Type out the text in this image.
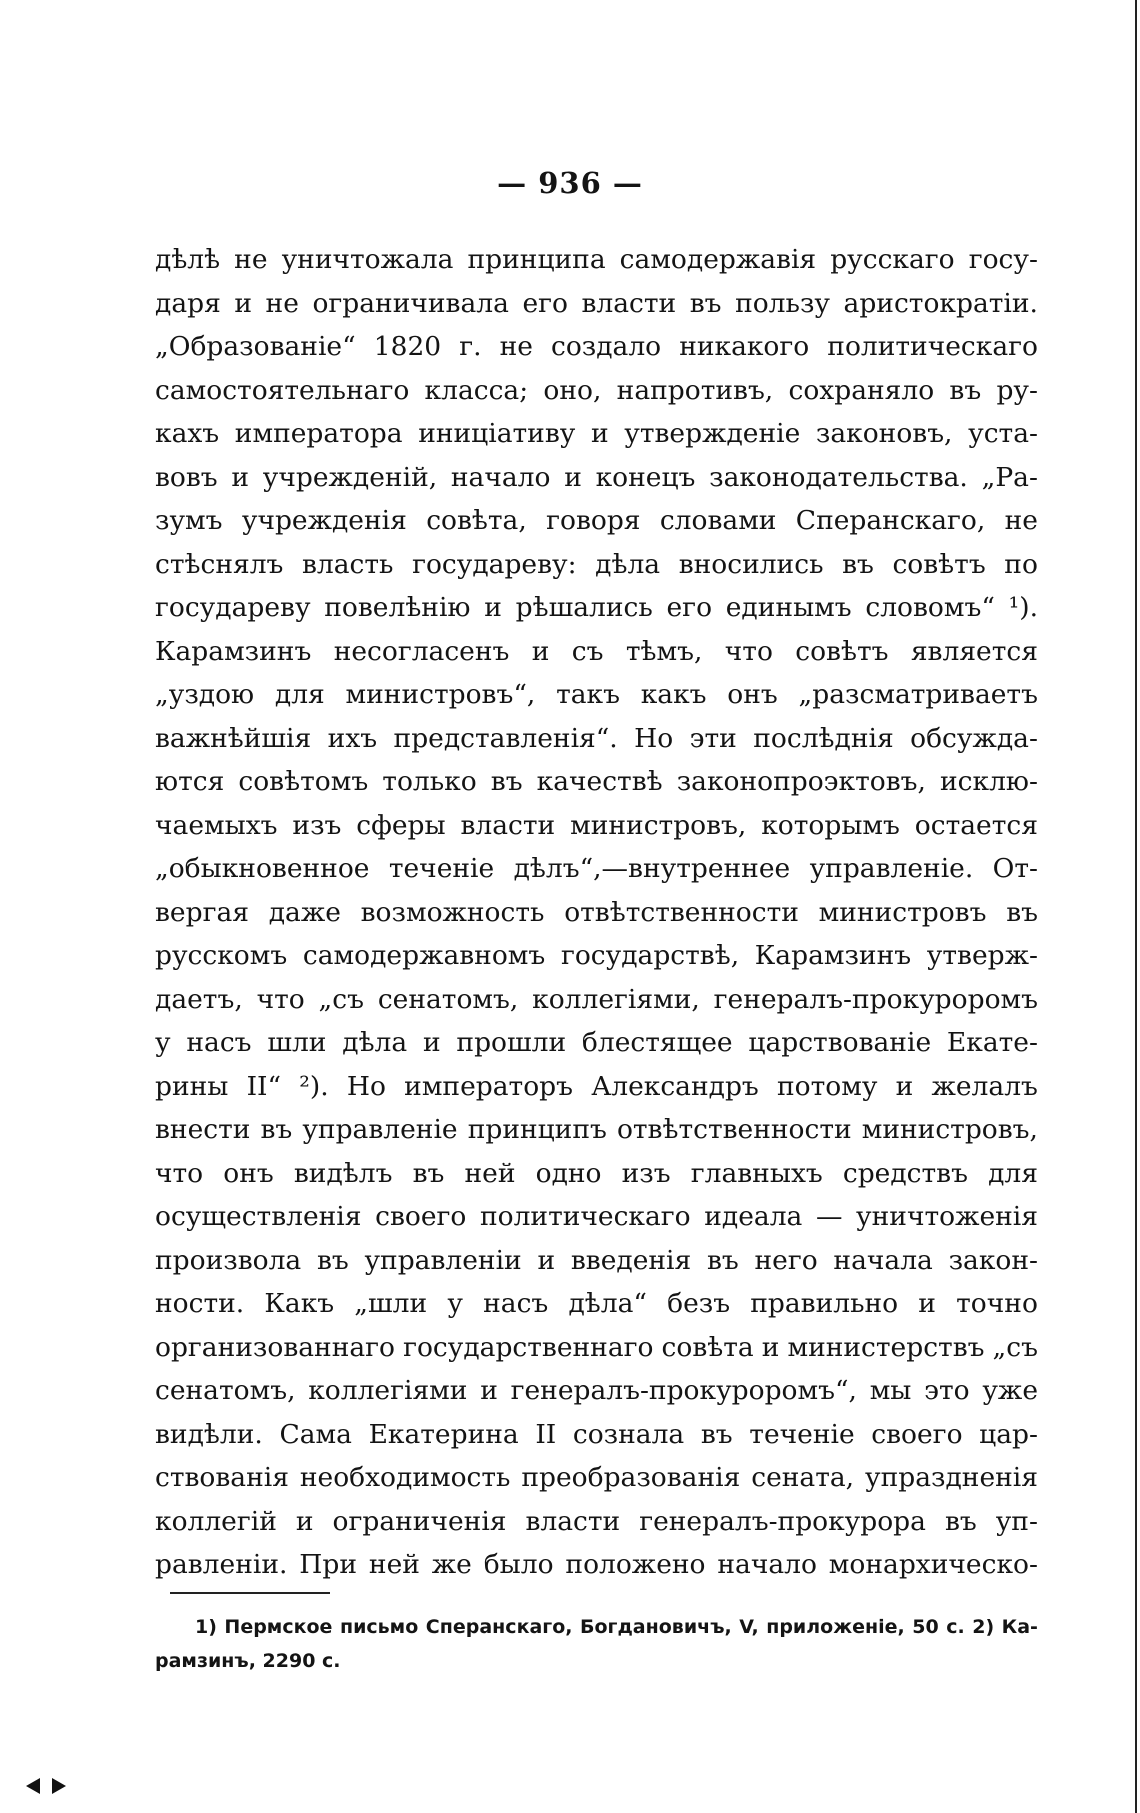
— 936 —
дѣлѣ не уничтожала принципа самодержавія русскаго госу-
даря и не ограничивала его власти въ пользу аристократіи.
„Образованіе“ 1820 г. не создало никакого политическаго
самостоятельнаго класса; оно, напротивъ, сохраняло въ ру-
кахъ императора иниціативу и утвержденіе законовъ, уста-
вовъ и учрежденій, начало и конецъ законодательства. „Ра-
зумъ учрежденія совѣта, говоря словами Сперанскаго, не
стѣснялъ власть государеву: дѣла вносились въ совѣтъ по
государеву повелѣнію и рѣшались его единымъ словомъ“ ¹).
Карамзинъ несогласенъ и съ тѣмъ, что совѣтъ является
„уздою для министровъ“, такъ какъ онъ „разсматриваетъ
важнѣйшія ихъ представленія“. Но эти послѣднія обсужда-
ются совѣтомъ только въ качествѣ законопроэктовъ, исклю-
чаемыхъ изъ сферы власти министровъ, которымъ остается
„обыкновенное теченіе дѣлъ“,—внутреннее управленіе. От-
вергая даже возможность отвѣтственности министровъ въ
русскомъ самодержавномъ государствѣ, Карамзинъ утверж-
даетъ, что „съ сенатомъ, коллегіями, генералъ-прокуроромъ
у насъ шли дѣла и прошли блестящее царствованіе Екате-
рины II“ ²). Но императоръ Александръ потому и желалъ
внести въ управленіе принципъ отвѣтственности министровъ,
что онъ видѣлъ въ ней одно изъ главныхъ средствъ для
осуществленія своего политическаго идеала — уничтоженія
произвола въ управленіи и введенія въ него начала закон-
ности. Какъ „шли у насъ дѣла“ безъ правильно и точно
организованнаго государственнаго совѣта и министерствъ „съ
сенатомъ, коллегіями и генералъ-прокуроромъ“, мы это уже
видѣли. Сама Екатерина II сознала въ теченіе своего цар-
ствованія необходимость преобразованія сената, упраздненія
коллегій и ограниченія власти генералъ-прокурора въ уп-
равленіи. При ней же было положено начало монархическо-
1) Пермское письмо Сперанскаго, Богдановичъ, V, приложеніе, 50 с. 2) Ка-
рамзинъ, 2290 с.
